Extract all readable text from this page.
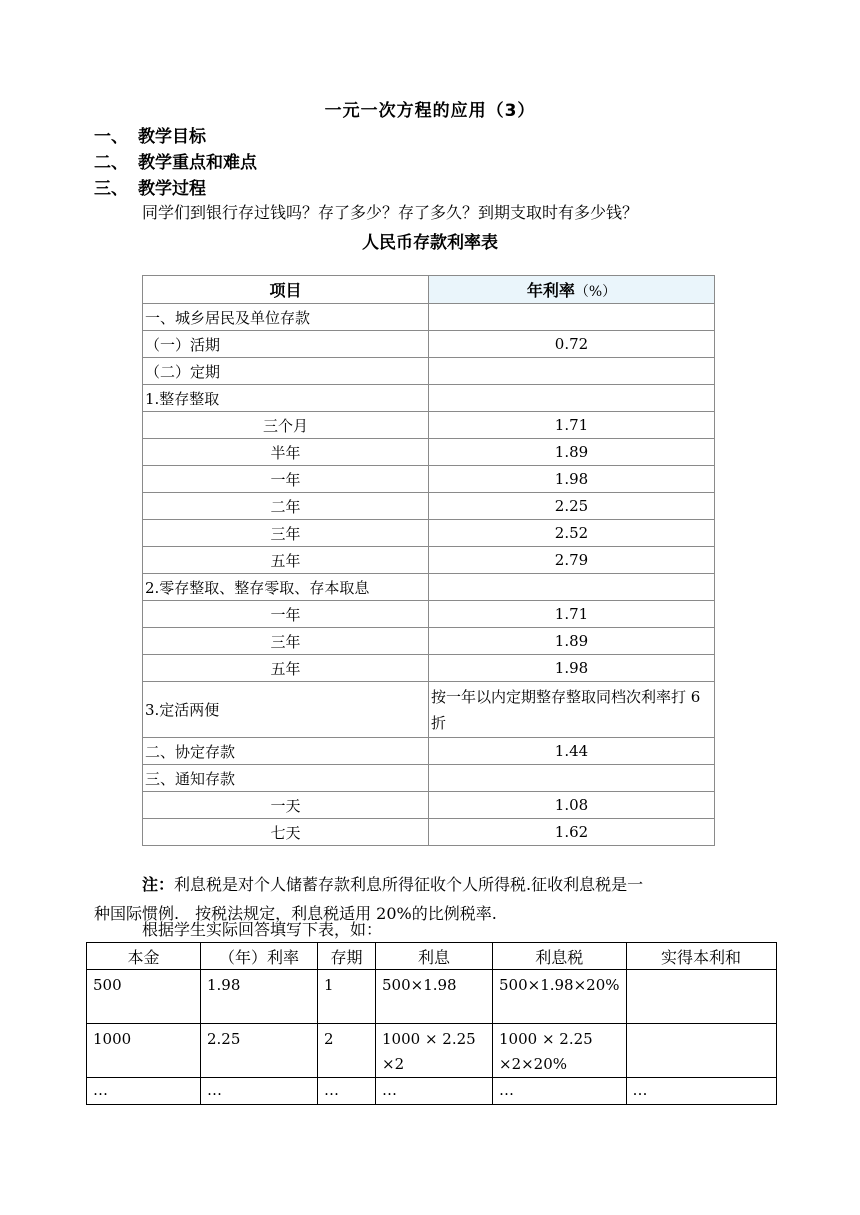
一元一次方程的应用（3）
一、 教学目标
二、 教学重点和难点
三、 教学过程
同学们到银行存过钱吗？存了多少？存了多久？到期支取时有多少钱？
人民币存款利率表
项目	年利率（%）
一、城乡居民及单位存款	
（一）活期	0.72
（二）定期	
1.整存整取	
三个月	1.71
半年	1.89
一年	1.98
二年	2.25
三年	2.52
五年	2.79
2.零存整取、整存零取、存本取息	
一年	1.71
三年	1.89
五年	1.98
3.定活两便	按一年以内定期整存整取同档次利率打 6 折
二、协定存款	1.44
三、通知存款	
一天	1.08
七天	1.62
注：利息税是对个人储蓄存款利息所得征收个人所得税.征收利息税是一
种国际惯例.　按税法规定，利息税适用 20%的比例税率.
根据学生实际回答填写下表，如：
本金	（年）利率	存期	利息	利息税	实得本利和
500	1.98	1	500×1.98	500×1.98×20%	
1000	2.25	2	1000 × 2.25 ×2	1000 × 2.25 ×2×20%	
…	…	…	…	…	…
